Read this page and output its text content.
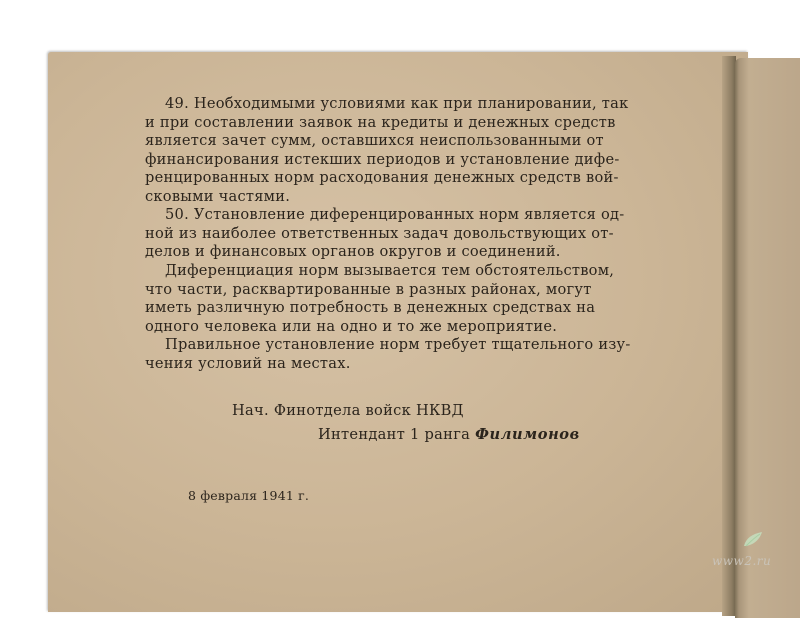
49. Необходимыми условиями как при планировании, так
и при составлении заявок на кредиты и денежных средств
является зачет сумм, оставшихся неиспользованными от
финансирования истекших периодов и установление дифе-
ренцированных норм расходования денежных средств вой-
сковыми частями.
50. Установление диференцированных норм является од-
ной из наиболее ответственных задач довольствующих от-
делов и финансовых органов округов и соединений.
Диференциация норм вызывается тем обстоятельством,
что части, расквартированные в разных районах, могут
иметь различную потребность в денежных средствах на
одного человека или на одно и то же мероприятие.
Правильное установление норм требует тщательного изу-
чения условий на местах.
Нач. Финотдела войск НКВД
Интендант 1 ранга Филимонов
8 февраля 1941 г.
www2.ru
